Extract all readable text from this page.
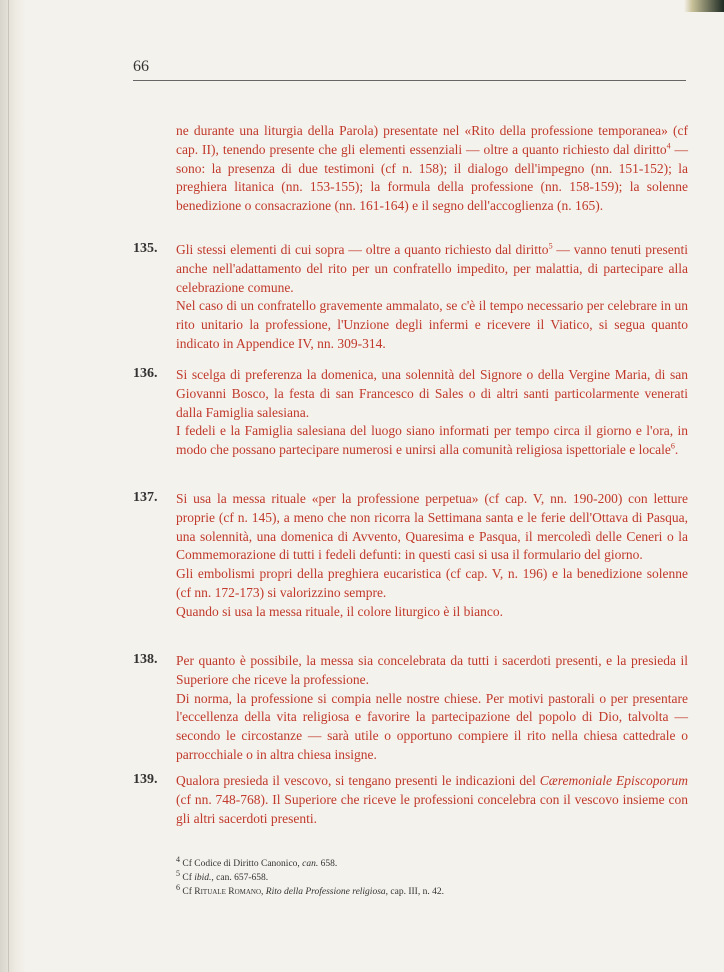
66

ne durante una liturgia della Parola) presentate nel «Rito della professione temporanea» (cf cap. II), tenendo presente che gli elementi essenziali — oltre a quanto richiesto dal diritto$^4$ — sono: la presenza di due testimoni (cf n. 158); il dialogo dell'impegno (nn. 151-152); la preghiera litanica (nn. 153-155); la formula della professione (nn. 158-159); la solenne benedizione o consacrazione (nn. 161-164) e il segno dell'accoglienza (n. 165).

135. Gli stessi elementi di cui sopra — oltre a quanto richiesto dal diritto$^5$ — vanno tenuti presenti anche nell'adattamento del rito per un confratello impedito, per malattia, di partecipare alla celebrazione comune.

Nel caso di un confratello gravemente ammalato, se c'è il tempo necessario per celebrare in un rito unitario la professione, l'Unzione degli infermi e ricevere il Viatico, si segua quanto indicato in Appendice IV, nn. 309-314.

136. Si scelga di preferenza la domenica, una solennità del Signore o della Vergine Maria, di san Giovanni Bosco, la festa di san Francesco di Sales o di altri santi particolarmente venerati dalla Famiglia salesiana.

I fedeli e la Famiglia salesiana del luogo siano informati per tempo circa il giorno e l'ora, in modo che possano partecipare numerosi e unirsi alla comunità religiosa ispettoriale e locale$^6$.

137. Si usa la messa rituale «per la professione perpetua» (cf cap. V, nn. 190-200) con letture proprie (cf n. 145), a meno che non ricorra la Settimana santa e le ferie dell'Ottava di Pasqua, una solennità, una domenica di Avvento, Quaresima e Pasqua, il mercoledì delle Ceneri o la Commemorazione di tutti i fedeli defunti: in questi casi si usa il formulario del giorno.

Gli embolismi propri della preghiera eucaristica (cf cap. V, n. 196) e la benedizione solenne (cf nn. 172-173) si valorizzino sempre.

Quando si usa la messa rituale, il colore liturgico è il bianco.

138. Per quanto è possibile, la messa sia concelebrata da tutti i sacerdoti presenti, e la presieda il Superiore che riceve la professione.

Di norma, la professione si compia nelle nostre chiese. Per motivi pastorali o per presentare l'eccellenza della vita religiosa e favorire la partecipazione del popolo di Dio, talvolta — secondo le circostanze — sarà utile o opportuno compiere il rito nella chiesa cattedrale o parrocchiale o in altra chiesa insigne.

139. Qualora presieda il vescovo, si tengano presenti le indicazioni del Cæremoniale Episcoporum (cf nn. 748-768). Il Superiore che riceve le professioni concelebra con il vescovo insieme con gli altri sacerdoti presenti.

$^4$ Cf Codice di Diritto Canonico, can. 658.
$^5$ Cf ibid., can. 657-658.
$^6$ Cf Rituale Romano, Rito della Professione religiosa, cap. III, n. 42.
